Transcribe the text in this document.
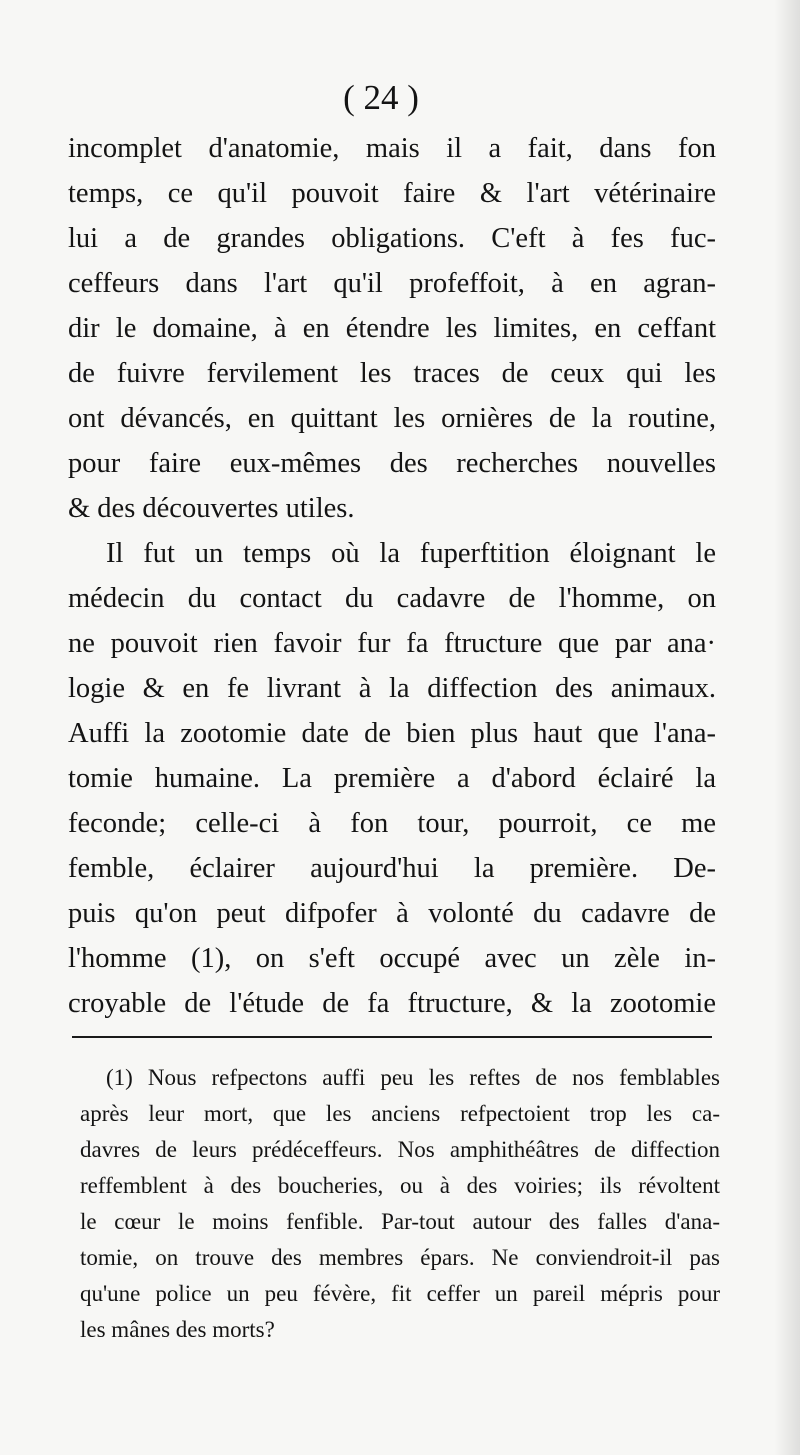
( 24 )
incomplet d'anatomie, mais il a fait, dans fon
temps, ce qu'il pouvoit faire & l'art vétérinaire
lui a de grandes obligations. C'eft à fes fuc-
ceffeurs dans l'art qu'il profeffoit, à en agran-
dir le domaine, à en étendre les limites, en ceffant
de fuivre fervilement les traces de ceux qui les
ont dévancés, en quittant les ornières de la routine,
pour faire eux-mêmes des recherches nouvelles
& des découvertes utiles.
Il fut un temps où la fuperftition éloignant le
médecin du contact du cadavre de l'homme, on
ne pouvoit rien favoir fur fa ftructure que par ana·
logie & en fe livrant à la diffection des animaux.
Auffi la zootomie date de bien plus haut que l'ana-
tomie humaine. La première a d'abord éclairé la
feconde; celle-ci à fon tour, pourroit, ce me
femble, éclairer aujourd'hui la première. De-
puis qu'on peut difpofer à volonté du cadavre de
l'homme (1), on s'eft occupé avec un zèle in-
croyable de l'étude de fa ftructure, & la zootomie
(1) Nous refpectons auffi peu les reftes de nos femblables
après leur mort, que les anciens refpectoient trop les ca-
davres de leurs prédéceffeurs. Nos amphithéâtres de diffection
reffemblent à des boucheries, ou à des voiries; ils révoltent
le cœur le moins fenfible. Par-tout autour des falles d'ana-
tomie, on trouve des membres épars. Ne conviendroit-il pas
qu'une police un peu févère, fit ceffer un pareil mépris pour
les mânes des morts?
